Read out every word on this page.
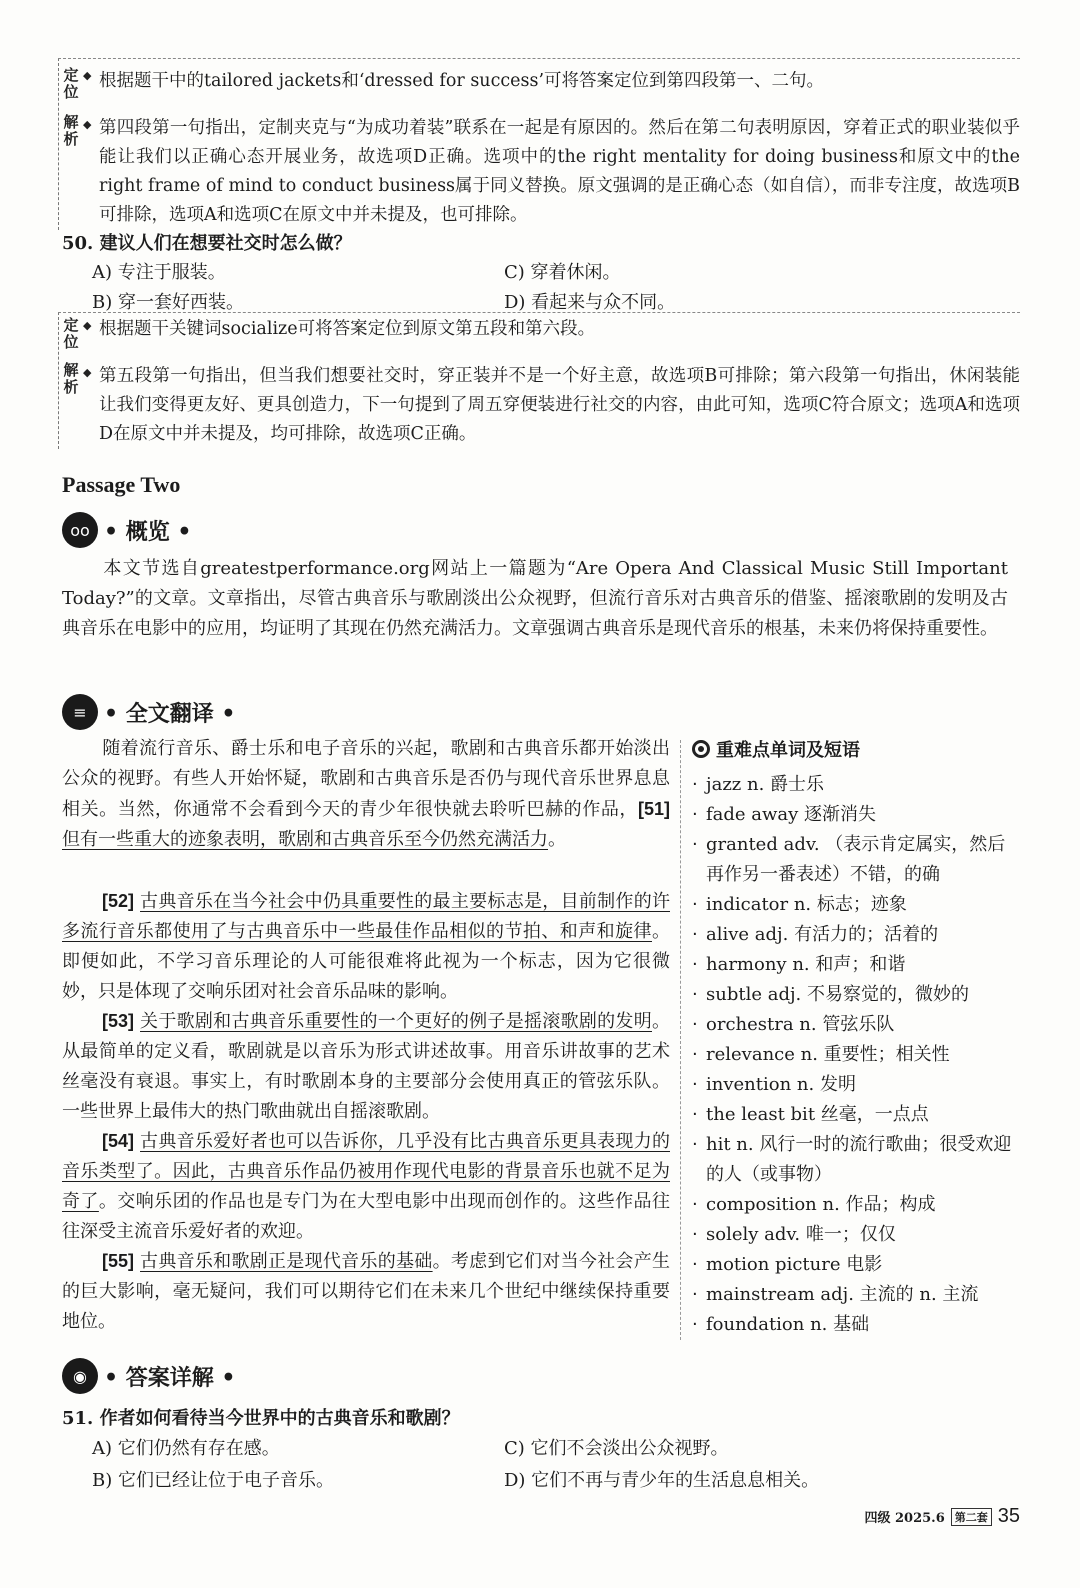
定位
◆ 根据题干中的tailored jackets和‘dressed for success’可将答案定位到第四段第一、二句。
解析
◆ 第四段第一句指出，定制夹克与“为成功着装”联系在一起是有原因的。然后在第二句表明原因，穿着正式的职业装似乎能让我们以正确心态开展业务，故选项D正确。选项中的the right mentality for doing business和原文中的the right frame of mind to conduct business属于同义替换。原文强调的是正确心态（如自信），而非专注度，故选项B可排除，选项A和选项C在原文中并未提及，也可排除。
50. 建议人们在想要社交时怎么做？
A) 专注于服装。	C) 穿着休闲。
B) 穿一套好西装。	D) 看起来与众不同。
定位
◆ 根据题干关键词socialize可将答案定位到原文第五段和第六段。
解析
◆ 第五段第一句指出，但当我们想要社交时，穿正装并不是一个好主意，故选项B可排除；第六段第一句指出，休闲装能让我们变得更友好、更具创造力，下一句提到了周五穿便装进行社交的内容，由此可知，选项C符合原文；选项A和选项D在原文中并未提及，均可排除，故选项C正确。
Passage Two
oo • 概览 •
本文节选自greatestperformance.org网站上一篇题为“Are Opera And Classical Music Still Important Today?”的文章。文章指出，尽管古典音乐与歌剧淡出公众视野，但流行音乐对古典音乐的借鉴、摇滚歌剧的发明及古典音乐在电影中的应用，均证明了其现在仍然充满活力。文章强调古典音乐是现代音乐的根基，未来仍将保持重要性。
≡ • 全文翻译 •
随着流行音乐、爵士乐和电子音乐的兴起，歌剧和古典音乐都开始淡出公众的视野。有些人开始怀疑，歌剧和古典音乐是否仍与现代音乐世界息息相关。当然，你通常不会看到今天的青少年很快就去聆听巴赫的作品，[51] 但有一些重大的迹象表明，歌剧和古典音乐至今仍然充满活力。
[52] 古典音乐在当今社会中仍具重要性的最主要标志是，目前制作的许多流行音乐都使用了与古典音乐中一些最佳作品相似的节拍、和声和旋律。即便如此，不学习音乐理论的人可能很难将此视为一个标志，因为它很微妙，只是体现了交响乐团对社会音乐品味的影响。
[53] 关于歌剧和古典音乐重要性的一个更好的例子是摇滚歌剧的发明。从最简单的定义看，歌剧就是以音乐为形式讲述故事。用音乐讲故事的艺术丝毫没有衰退。事实上，有时歌剧本身的主要部分会使用真正的管弦乐队。一些世界上最伟大的热门歌曲就出自摇滚歌剧。
[54] 古典音乐爱好者也可以告诉你，几乎没有比古典音乐更具表现力的音乐类型了。因此，古典音乐作品仍被用作现代电影的背景音乐也就不足为奇了。交响乐团的作品也是专门为在大型电影中出现而创作的。这些作品往往深受主流音乐爱好者的欢迎。
[55] 古典音乐和歌剧正是现代音乐的基础。考虑到它们对当今社会产生的巨大影响，毫无疑问，我们可以期待它们在未来几个世纪中继续保持重要地位。
重难点单词及短语
· jazz n. 爵士乐
· fade away 逐渐消失
· granted adv. （表示肯定属实，然后再作另一番表述）不错，的确
· indicator n. 标志；迹象
· alive adj. 有活力的；活着的
· harmony n. 和声；和谐
· subtle adj. 不易察觉的，微妙的
· orchestra n. 管弦乐队
· relevance n. 重要性；相关性
· invention n. 发明
· the least bit 丝毫，一点点
· hit n. 风行一时的流行歌曲；很受欢迎的人（或事物）
· composition n. 作品；构成
· solely adv. 唯一；仅仅
· motion picture 电影
· mainstream adj. 主流的 n. 主流
· foundation n. 基础
◉ • 答案详解 •
51. 作者如何看待当今世界中的古典音乐和歌剧？
A) 它们仍然有存在感。	C) 它们不会淡出公众视野。
B) 它们已经让位于电子音乐。	D) 它们不再与青少年的生活息息相关。
四级 2025.6 第二套 35
